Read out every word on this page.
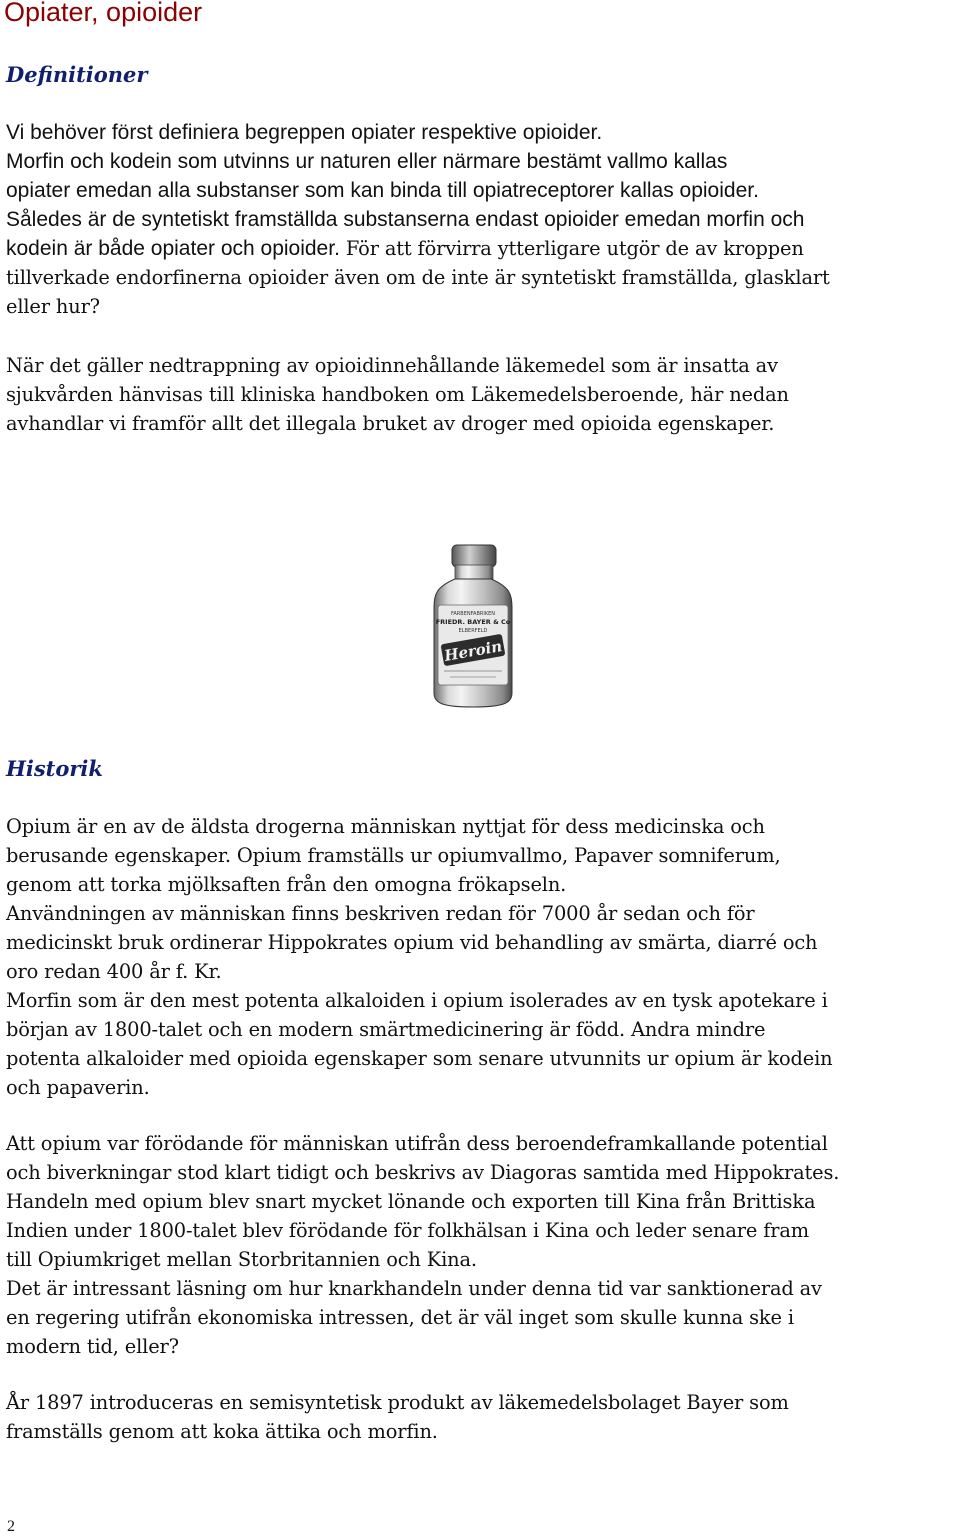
Opiater, opioider
Definitioner
Vi behöver först definiera begreppen opiater respektive opioider.
Morfin och kodein som utvinns ur naturen eller närmare bestämt vallmo kallas
opiater emedan alla substanser som kan binda till opiatreceptorer kallas opioider.
Således är de syntetiskt framställda substanserna endast opioider emedan morfin och
kodein är både opiater och opioider. För att förvirra ytterligare utgör de av kroppen
tillverkade endorfinerna opioider även om de inte är syntetiskt framställda, glasklart
eller hur?
När det gäller nedtrappning av opioidinnehållande läkemedel som är insatta av
sjukvården hänvisas till kliniska handboken om Läkemedelsberoende, här nedan
avhandlar vi framför allt det illegala bruket av droger med opioida egenskaper.
FARBENFABRIKEN
FRIEDR. BAYER & Co
ELBERFELD
Heroin
Historik
Opium är en av de äldsta drogerna människan nyttjat för dess medicinska och
berusande egenskaper. Opium framställs ur opiumvallmo, Papaver somniferum,
genom att torka mjölksaften från den omogna frökapseln.
Användningen av människan finns beskriven redan för 7000 år sedan och för
medicinskt bruk ordinerar Hippokrates opium vid behandling av smärta, diarré och
oro redan 400 år f. Kr.
Morfin som är den mest potenta alkaloiden i opium isolerades av en tysk apotekare i
början av 1800-talet och en modern smärtmedicinering är född. Andra mindre
potenta alkaloider med opioida egenskaper som senare utvunnits ur opium är kodein
och papaverin.
Att opium var förödande för människan utifrån dess beroendeframkallande potential
och biverkningar stod klart tidigt och beskrivs av Diagoras samtida med Hippokrates.
Handeln med opium blev snart mycket lönande och exporten till Kina från Brittiska
Indien under 1800-talet blev förödande för folkhälsan i Kina och leder senare fram
till Opiumkriget mellan Storbritannien och Kina.
Det är intressant läsning om hur knarkhandeln under denna tid var sanktionerad av
en regering utifrån ekonomiska intressen, det är väl inget som skulle kunna ske i
modern tid, eller?
År 1897 introduceras en semisyntetisk produkt av läkemedelsbolaget Bayer som
framställs genom att koka ättika och morfin.
2
